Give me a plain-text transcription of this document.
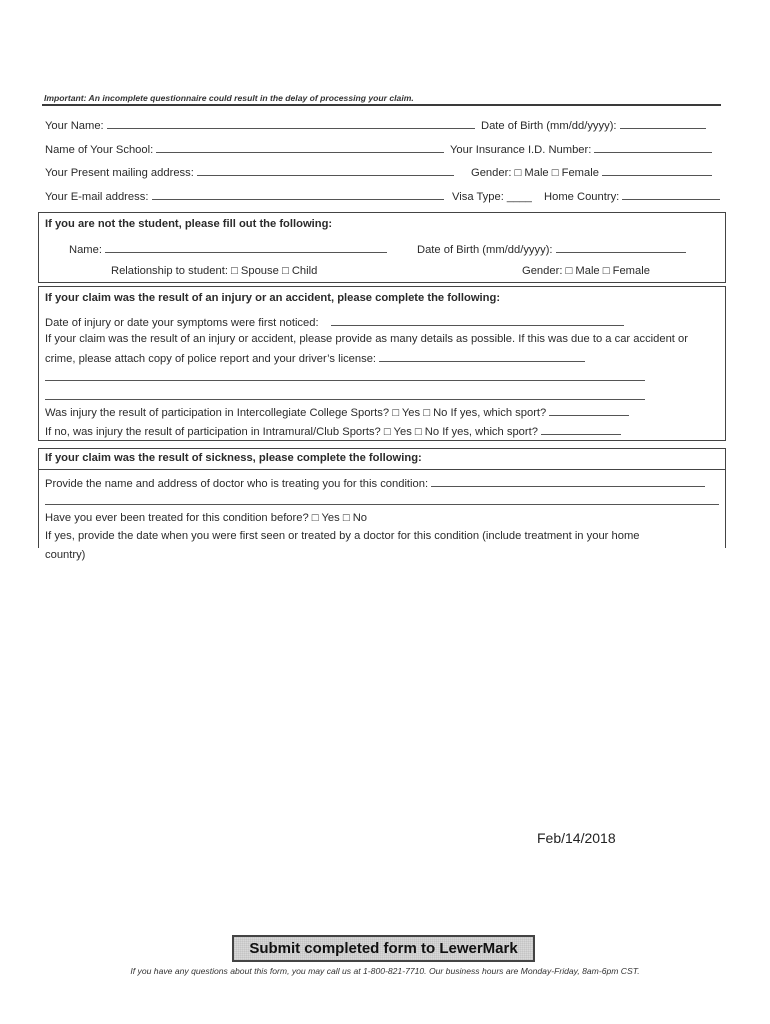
Important: An incomplete questionnaire could result in the delay of processing your claim.
Your Name:	Date of Birth (mm/dd/yyyy):
Name of Your School:	Your Insurance I.D. Number:
Your Present mailing address:	Gender: □ Male □ Female
Your E-mail address:	Visa Type: ____ Home Country:
If you are not the student, please fill out the following:
Name:	Date of Birth (mm/dd/yyyy):
Relationship to student: □ Spouse □ Child	Gender: □ Male □ Female
If your claim was the result of an injury or an accident, please complete the following:
Date of injury or date your symptoms were first noticed:
If your claim was the result of an injury or accident, please provide as many details as possible. If this was due to a car accident or
crime, please attach copy of police report and your driver’s license:
Was injury the result of participation in Intercollegiate College Sports? □ Yes □ No If yes, which sport?
If no, was injury the result of participation in Intramural/Club Sports? □ Yes □ No If yes, which sport?
If your claim was the result of sickness, please complete the following:
Provide the name and address of doctor who is treating you for this condition:
Have you ever been treated for this condition before? □ Yes □ No
If yes, provide the date when you were first seen or treated by a doctor for this condition (include treatment in your home
country)
Feb/14/2018
Submit completed form to LewerMark
If you have any questions about this form, you may call us at 1-800-821-7710. Our business hours are Monday-Friday, 8am-6pm CST.
